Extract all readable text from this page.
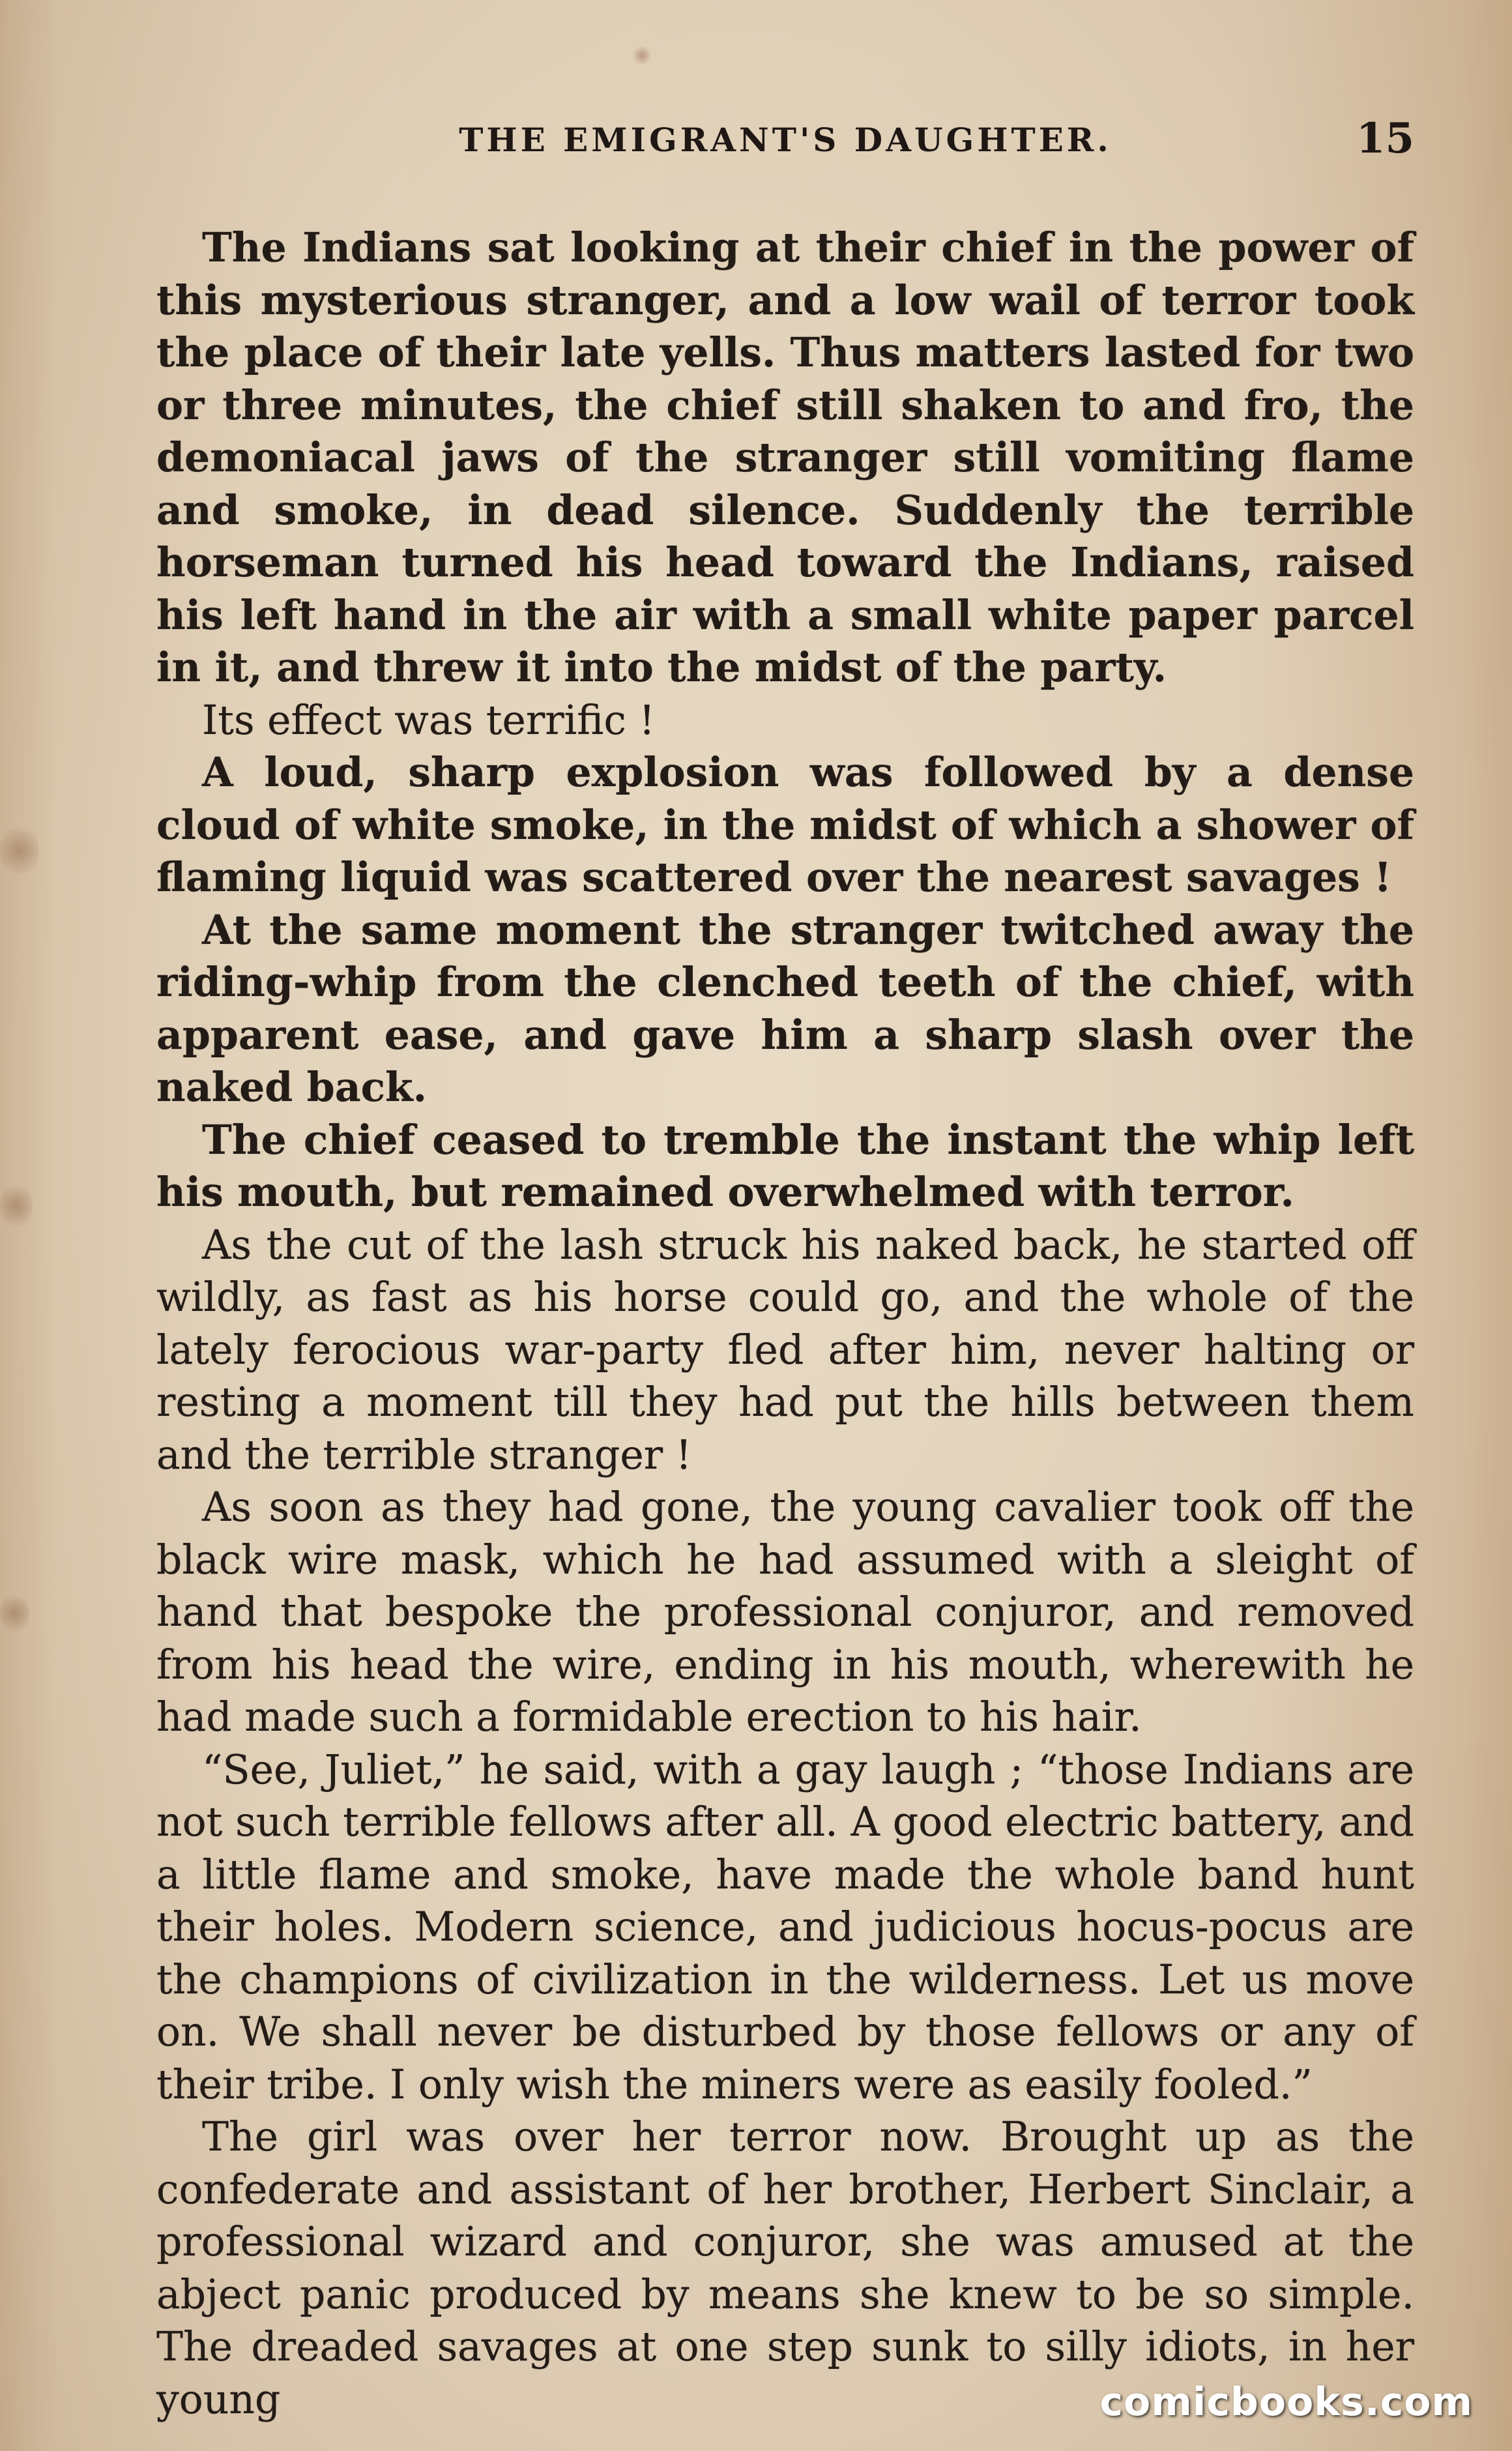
THE EMIGRANT'S DAUGHTER.	15

The Indians sat looking at their chief in the power of this mysterious stranger, and a low wail of terror took the place of their late yells. Thus matters lasted for two or three minutes, the chief still shaken to and fro, the demoniacal jaws of the stranger still vomiting flame and smoke, in dead silence. Suddenly the terrible horseman turned his head toward the Indians, raised his left hand in the air with a small white paper parcel in it, and threw it into the midst of the party.

Its effect was terrific !

A loud, sharp explosion was followed by a dense cloud of white smoke, in the midst of which a shower of flaming liquid was scattered over the nearest savages !

At the same moment the stranger twitched away the riding-whip from the clenched teeth of the chief, with apparent ease, and gave him a sharp slash over the naked back.

The chief ceased to tremble the instant the whip left his mouth, but remained overwhelmed with terror.

As the cut of the lash struck his naked back, he started off wildly, as fast as his horse could go, and the whole of the lately ferocious war-party fled after him, never halting or resting a moment till they had put the hills between them and the terrible stranger !

As soon as they had gone, the young cavalier took off the black wire mask, which he had assumed with a sleight of hand that bespoke the professional conjuror, and removed from his head the wire, ending in his mouth, wherewith he had made such a formidable erection to his hair.

“See, Juliet,” he said, with a gay laugh ; “those Indians are not such terrible fellows after all. A good electric battery, and a little flame and smoke, have made the whole band hunt their holes. Modern science, and judicious hocus-pocus are the champions of civilization in the wilderness. Let us move on. We shall never be disturbed by those fellows or any of their tribe. I only wish the miners were as easily fooled.”

The girl was over her terror now. Brought up as the confederate and assistant of her brother, Herbert Sinclair, a professional wizard and conjuror, she was amused at the abject panic produced by means she knew to be so simple. The dreaded savages at one step sunk to silly idiots, in her young	comicbooks.com
